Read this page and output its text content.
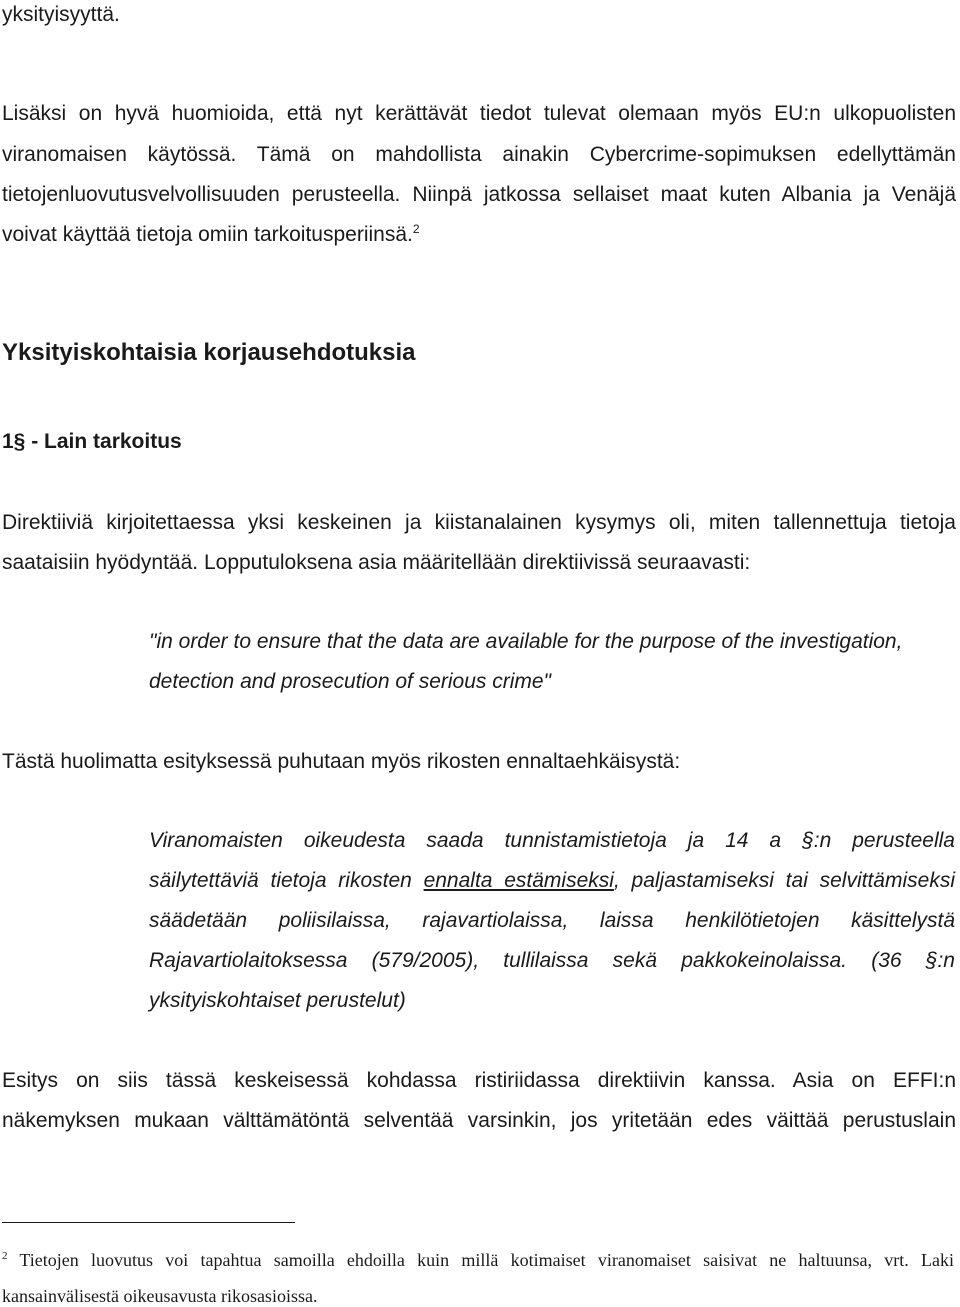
yksityisyyttä.

Lisäksi on hyvä huomioida, että nyt kerättävät tiedot tulevat olemaan myös EU:n ulkopuolisten

viranomaisen käytössä. Tämä on mahdollista ainakin Cybercrime-sopimuksen edellyttämän

tietojenluovutusvelvollisuuden perusteella. Niinpä jatkossa sellaiset maat kuten Albania ja Venäjä

voivat käyttää tietoja omiin tarkoitusperiinsä.$^2$

Yksityiskohtaisia korjausehdotuksia
1§ - Lain tarkoitus

Direktiiviä kirjoitettaessa yksi keskeinen ja kiistanalainen kysymys oli, miten tallennettuja tietoja

saataisiin hyödyntää. Lopputuloksena asia määritellään direktiivissä seuraavasti:

"in order to ensure that the data are available for the purpose of the investigation,

detection and prosecution of serious crime"

Tästä huolimatta esityksessä puhutaan myös rikosten ennaltaehkäisystä:

Viranomaisten oikeudesta saada tunnistamistietoja ja 14 a §:n perusteella

säilytettäviä tietoja rikosten ennalta estämiseksi, paljastamiseksi tai selvittämiseksi

säädetään poliisilaissa, rajavartiolaissa, laissa henkilötietojen käsittelystä

Rajavartiolaitoksessa (579/2005), tullilaissa sekä pakkokeinolaissa. (36 §:n

yksityiskohtaiset perustelut)

Esitys on siis tässä keskeisessä kohdassa ristiriidassa direktiivin kanssa. Asia on EFFI:n

näkemyksen mukaan välttämätöntä selventää varsinkin, jos yritetään edes väittää perustuslain

$^2$ Tietojen luovutus voi tapahtua samoilla ehdoilla kuin millä kotimaiset viranomaiset saisivat ne haltuunsa, vrt. Laki

kansainvälisestä oikeusavusta rikosasioissa.
